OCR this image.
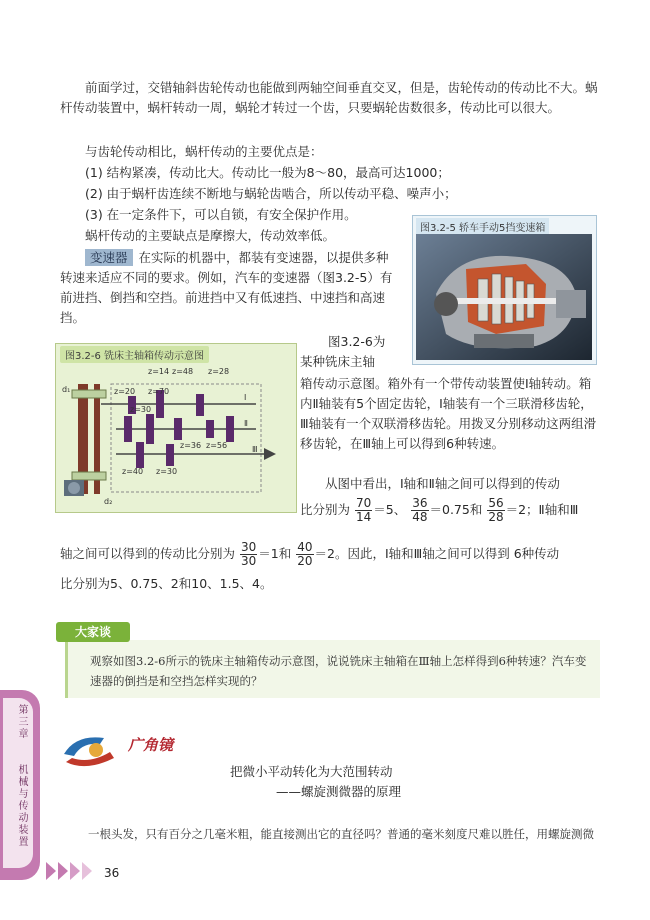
前面学过，交错轴斜齿轮传动也能做到两轴空间垂直交叉，但是，齿轮传动的传动比不大。蜗杆传动装置中，蜗杆转动一周，蜗轮才转过一个齿，只要蜗轮齿数很多，传动比可以很大。

与齿轮传动相比，蜗杆传动的主要优点是：

(1) 结构紧凑，传动比大。传动比一般为8～80，最高可达1000；

(2) 由于蜗杆齿连续不断地与蜗轮齿啮合，所以传动平稳、噪声小；

(3) 在一定条件下，可以自锁，有安全保护作用。

蜗杆传动的主要缺点是摩擦大，传动效率低。

变速器 在实际的机器中，都装有变速器，以提供多种转速来适应不同的要求。例如，汽车的变速器（图3.2-5）有前进挡、倒挡和空挡。前进挡中又有低速挡、中速挡和高速挡。

图3.2-5 轿车手动5挡变速箱
图3.2-6 铣床主轴箱传动示意图
z=14 z=48 z=28
z=20 z=70
z=30
z=36 z=56
z=40 z=30
d₁
d₂
Ⅰ
Ⅱ
Ⅲ

图3.2-6为

某种铣床主轴

箱传动示意图。箱外有一个带传动装置使Ⅰ轴转动。箱内Ⅱ轴装有5个固定齿轮，Ⅰ轴装有一个三联滑移齿轮，Ⅲ轴装有一个双联滑移齿轮。用拨叉分别移动这两组滑移齿轮，在Ⅲ轴上可以得到6种转速。

从图中看出，Ⅰ轴和Ⅱ轴之间可以得到的传动

比分别为 $\frac{70}{14} =5$、 $\frac{36}{48} =0.75$和 $\frac{56}{28} =2$；Ⅱ轴和Ⅲ
轴之间可以得到的传动比分别为 $\frac{30}{30} =1$和 $\frac{40}{20} =2$。因此，Ⅰ轴和Ⅲ轴之间可以得到 6种传动

比分别为5、0.75、2和10、1.5、4。

大家谈
观察如图3.2-6所示的铣床主轴箱传动示意图，说说铣床主轴箱在Ⅲ轴上怎样得到6种转速？汽车变速器的倒挡是和空挡怎样实现的？
广角镜
把微小平动转化为大范围转动
——螺旋测微器的原理
一根头发，只有百分之几毫米粗，能直接测出它的直径吗？普通的毫米刻度尺难以胜任，用螺旋测微
第三章
机械与传动装置
36
